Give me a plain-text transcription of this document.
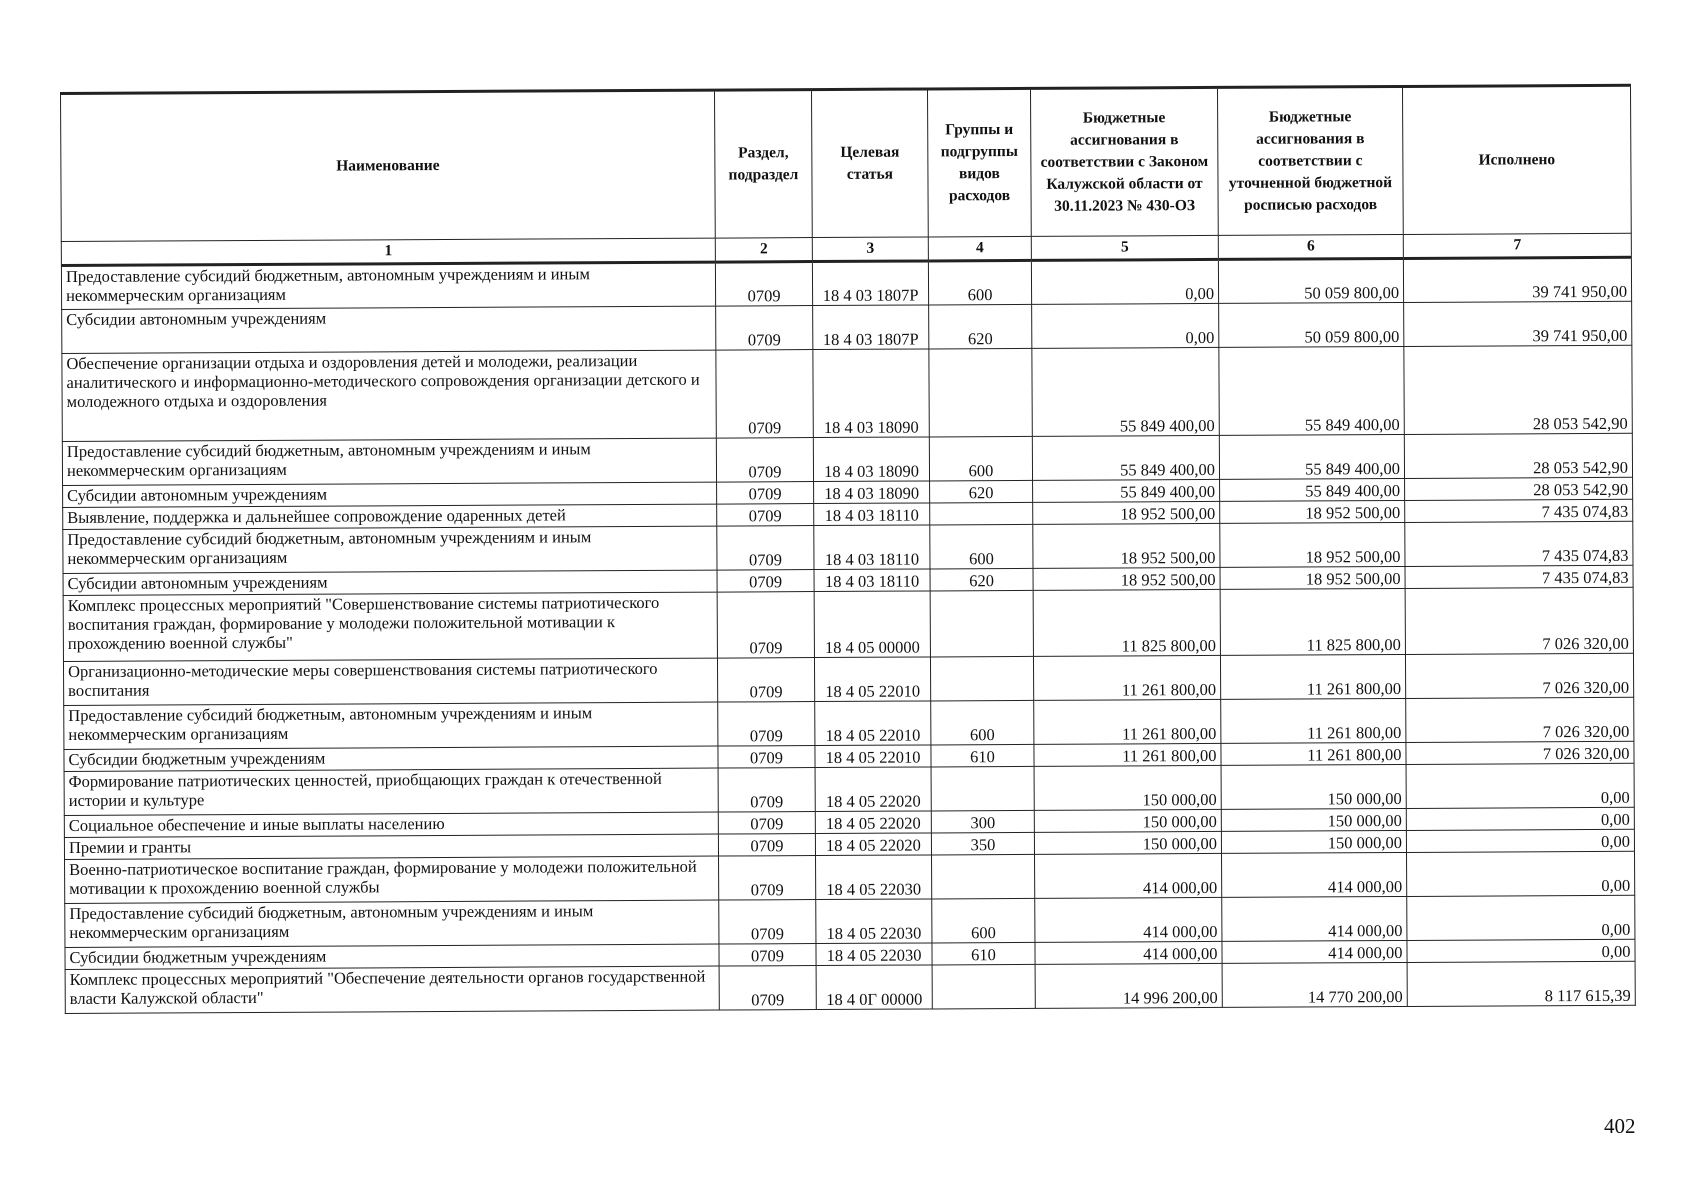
Наименование	Раздел, подраздел	Целевая статья	Группы и подгруппы видов расходов	Бюджетные ассигнования в соответствии с Законом Калужской области от 30.11.2023 № 430-ОЗ	Бюджетные ассигнования в соответствии с уточненной бюджетной росписью расходов	Исполнено
1	2	3	4	5	6	7
Предоставление субсидий бюджетным, автономным учреждениям и иным некоммерческим организациям	0709	18 4 03 1807Р	600	0,00	50 059 800,00	39 741 950,00
Субсидии автономным учреждениям	0709	18 4 03 1807Р	620	0,00	50 059 800,00	39 741 950,00
Обеспечение организации отдыха и оздоровления детей и молодежи, реализации аналитического и информационно-методического сопровождения организации детского и молодежного отдыха и оздоровления	0709	18 4 03 18090		55 849 400,00	55 849 400,00	28 053 542,90
Предоставление субсидий бюджетным, автономным учреждениям и иным некоммерческим организациям	0709	18 4 03 18090	600	55 849 400,00	55 849 400,00	28 053 542,90
Субсидии автономным учреждениям	0709	18 4 03 18090	620	55 849 400,00	55 849 400,00	28 053 542,90
Выявление, поддержка и дальнейшее сопровождение одаренных детей	0709	18 4 03 18110		18 952 500,00	18 952 500,00	7 435 074,83
Предоставление субсидий бюджетным, автономным учреждениям и иным некоммерческим организациям	0709	18 4 03 18110	600	18 952 500,00	18 952 500,00	7 435 074,83
Субсидии автономным учреждениям	0709	18 4 03 18110	620	18 952 500,00	18 952 500,00	7 435 074,83
Комплекс процессных мероприятий "Совершенствование системы патриотического воспитания граждан, формирование у молодежи положительной мотивации к прохождению военной службы"	0709	18 4 05 00000		11 825 800,00	11 825 800,00	7 026 320,00
Организационно-методические меры совершенствования системы патриотического воспитания	0709	18 4 05 22010		11 261 800,00	11 261 800,00	7 026 320,00
Предоставление субсидий бюджетным, автономным учреждениям и иным некоммерческим организациям	0709	18 4 05 22010	600	11 261 800,00	11 261 800,00	7 026 320,00
Субсидии бюджетным учреждениям	0709	18 4 05 22010	610	11 261 800,00	11 261 800,00	7 026 320,00
Формирование патриотических ценностей, приобщающих граждан к отечественной истории и культуре	0709	18 4 05 22020		150 000,00	150 000,00	0,00
Социальное обеспечение и иные выплаты населению	0709	18 4 05 22020	300	150 000,00	150 000,00	0,00
Премии и гранты	0709	18 4 05 22020	350	150 000,00	150 000,00	0,00
Военно-патриотическое воспитание граждан, формирование у молодежи положительной мотивации к прохождению военной службы	0709	18 4 05 22030		414 000,00	414 000,00	0,00
Предоставление субсидий бюджетным, автономным учреждениям и иным некоммерческим организациям	0709	18 4 05 22030	600	414 000,00	414 000,00	0,00
Субсидии бюджетным учреждениям	0709	18 4 05 22030	610	414 000,00	414 000,00	0,00
Комплекс процессных мероприятий "Обеспечение деятельности органов государственной власти Калужской области"	0709	18 4 0Г 00000		14 996 200,00	14 770 200,00	8 117 615,39
402
